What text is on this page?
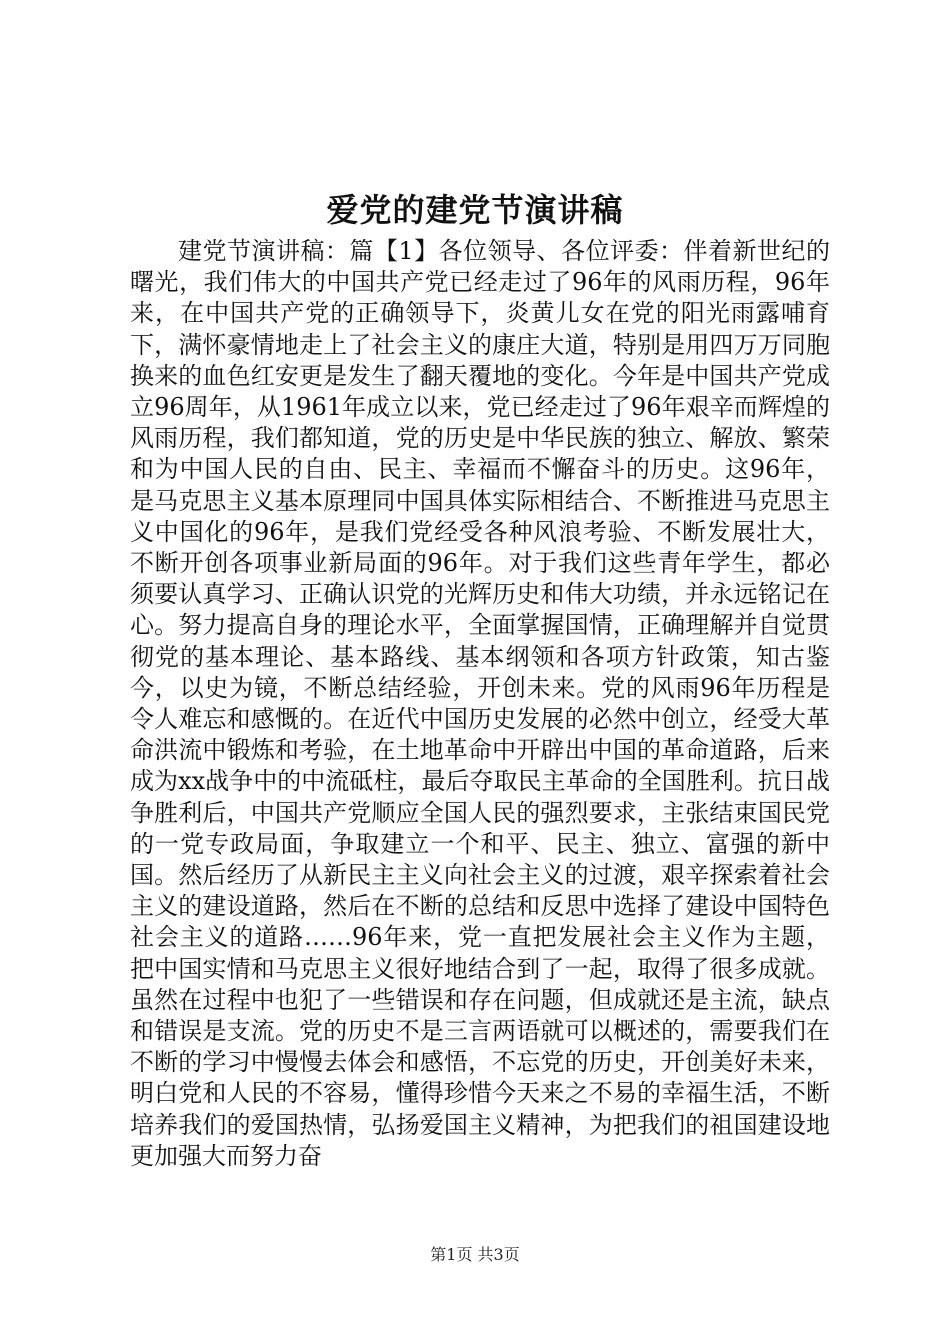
爱党的建党节演讲稿

建党节演讲稿：篇【1】各位领导、各位评委：伴着新世纪的曙光，我们伟大的中国共产党已经走过了96年的风雨历程，96年来，在中国共产党的正确领导下，炎黄儿女在党的阳光雨露哺育下，满怀豪情地走上了社会主义的康庄大道，特别是用四万万同胞换来的血色红安更是发生了翻天覆地的变化。今年是中国共产党成立96周年，从1961年成立以来，党已经走过了96年艰辛而辉煌的风雨历程，我们都知道，党的历史是中华民族的独立、解放、繁荣和为中国人民的自由、民主、幸福而不懈奋斗的历史。这96年，是马克思主义基本原理同中国具体实际相结合、不断推进马克思主义中国化的96年，是我们党经受各种风浪考验、不断发展壮大，不断开创各项事业新局面的96年。对于我们这些青年学生，都必须要认真学习、正确认识党的光辉历史和伟大功绩，并永远铭记在心。努力提高自身的理论水平，全面掌握国情，正确理解并自觉贯彻党的基本理论、基本路线、基本纲领和各项方针政策，知古鉴今，以史为镜，不断总结经验，开创未来。党的风雨96年历程是令人难忘和感慨的。在近代中国历史发展的必然中创立，经受大革命洪流中锻炼和考验，在土地革命中开辟出中国的革命道路，后来成为xx战争中的中流砥柱，最后夺取民主革命的全国胜利。抗日战争胜利后，中国共产党顺应全国人民的强烈要求，主张结束国民党的一党专政局面，争取建立一个和平、民主、独立、富强的新中国。然后经历了从新民主主义向社会主义的过渡，艰辛探索着社会主义的建设道路，然后在不断的总结和反思中选择了建设中国特色社会主义的道路……96年来，党一直把发展社会主义作为主题，把中国实情和马克思主义很好地结合到了一起，取得了很多成就。虽然在过程中也犯了一些错误和存在问题，但成就还是主流，缺点和错误是支流。党的历史不是三言两语就可以概述的，需要我们在不断的学习中慢慢去体会和感悟，不忘党的历史，开创美好未来，明白党和人民的不容易，懂得珍惜今天来之不易的幸福生活，不断培养我们的爱国热情，弘扬爱国主义精神，为把我们的祖国建设地更加强大而努力奋

第1页 共3页
